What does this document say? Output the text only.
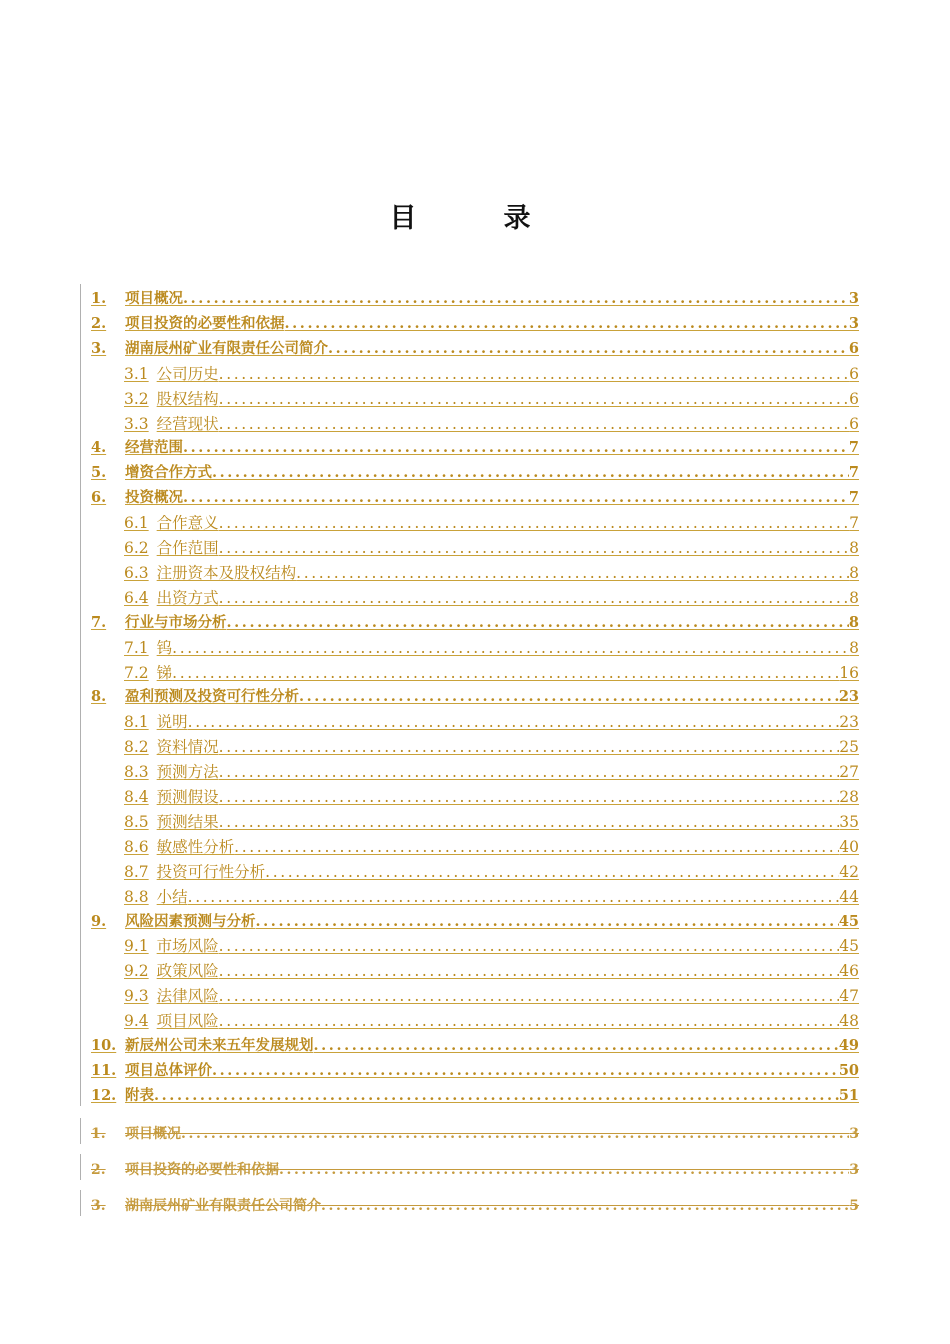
目　录
1.	项目概况 .....	3
2.	项目投资的必要性和依据 .....	3
3.	湖南辰州矿业有限责任公司简介 .....	6
3.1 公司历史 .....	6
3.2 股权结构 .....	6
3.3 经营现状 .....	6
4.	经营范围 .....	7
5.	增资合作方式 .....	7
6.	投资概况 .....	7
6.1 合作意义 .....	7
6.2 合作范围 .....	8
6.3 注册资本及股权结构 .....	8
6.4 出资方式 .....	8
7.	行业与市场分析 .....	8
7.1 钨 .....	8
7.2 锑 .....	16
8.	盈利预测及投资可行性分析 .....	23
8.1 说明 .....	23
8.2 资料情况 .....	25
8.3 预测方法 .....	27
8.4 预测假设 .....	28
8.5 预测结果 .....	35
8.6 敏感性分析 .....	40
8.7 投资可行性分析 .....	42
8.8 小结 .....	44
9.	风险因素预测与分析 .....	45
9.1 市场风险 .....	45
9.2 政策风险 .....	46
9.3 法律风险 .....	47
9.4 项目风险 .....	48
10. 新辰州公司未来五年发展规划 .....	49
11. 项目总体评价 .....	50
12. 附表 .....	51
1.	项目概况 .....	3
2.	项目投资的必要性和依据 .....	3
3.	湖南辰州矿业有限责任公司简介 .....	5
